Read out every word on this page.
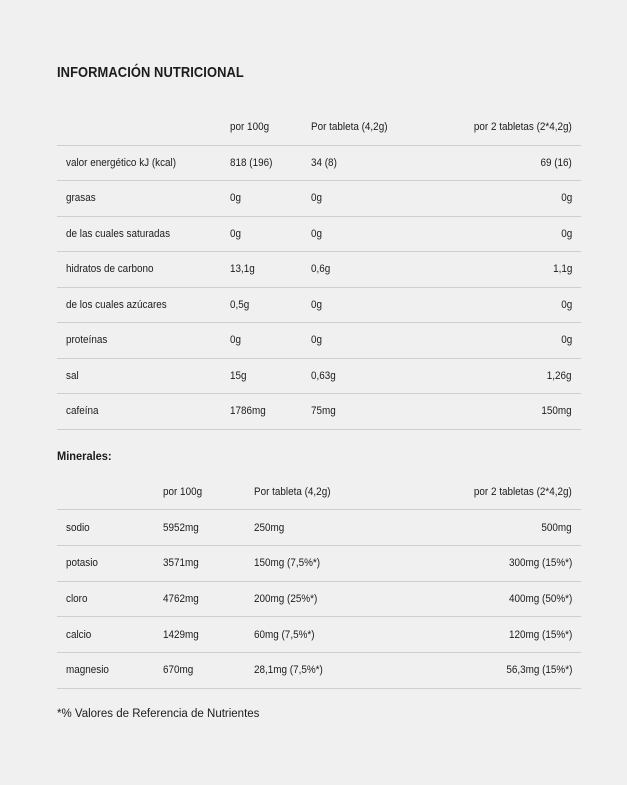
INFORMACIÓN NUTRICIONAL
	por 100g	Por tableta (4,2g)	por 2 tabletas (2*4,2g)
valor energético kJ (kcal)	818 (196)	34 (8)	69 (16)
grasas	0g	0g	0g
de las cuales saturadas	0g	0g	0g
hidratos de carbono	13,1g	0,6g	1,1g
de los cuales azúcares	0,5g	0g	0g
proteínas	0g	0g	0g
sal	15g	0,63g	1,26g
cafeína	1786mg	75mg	150mg

Minerales:

	por 100g	Por tableta (4,2g)	por 2 tabletas (2*4,2g)
sodio	5952mg	250mg	500mg
potasio	3571mg	150mg (7,5%*)	300mg (15%*)
cloro	4762mg	200mg (25%*)	400mg (50%*)
calcio	1429mg	60mg (7,5%*)	120mg (15%*)
magnesio	670mg	28,1mg (7,5%*)	56,3mg (15%*)

*% Valores de Referencia de Nutrientes
